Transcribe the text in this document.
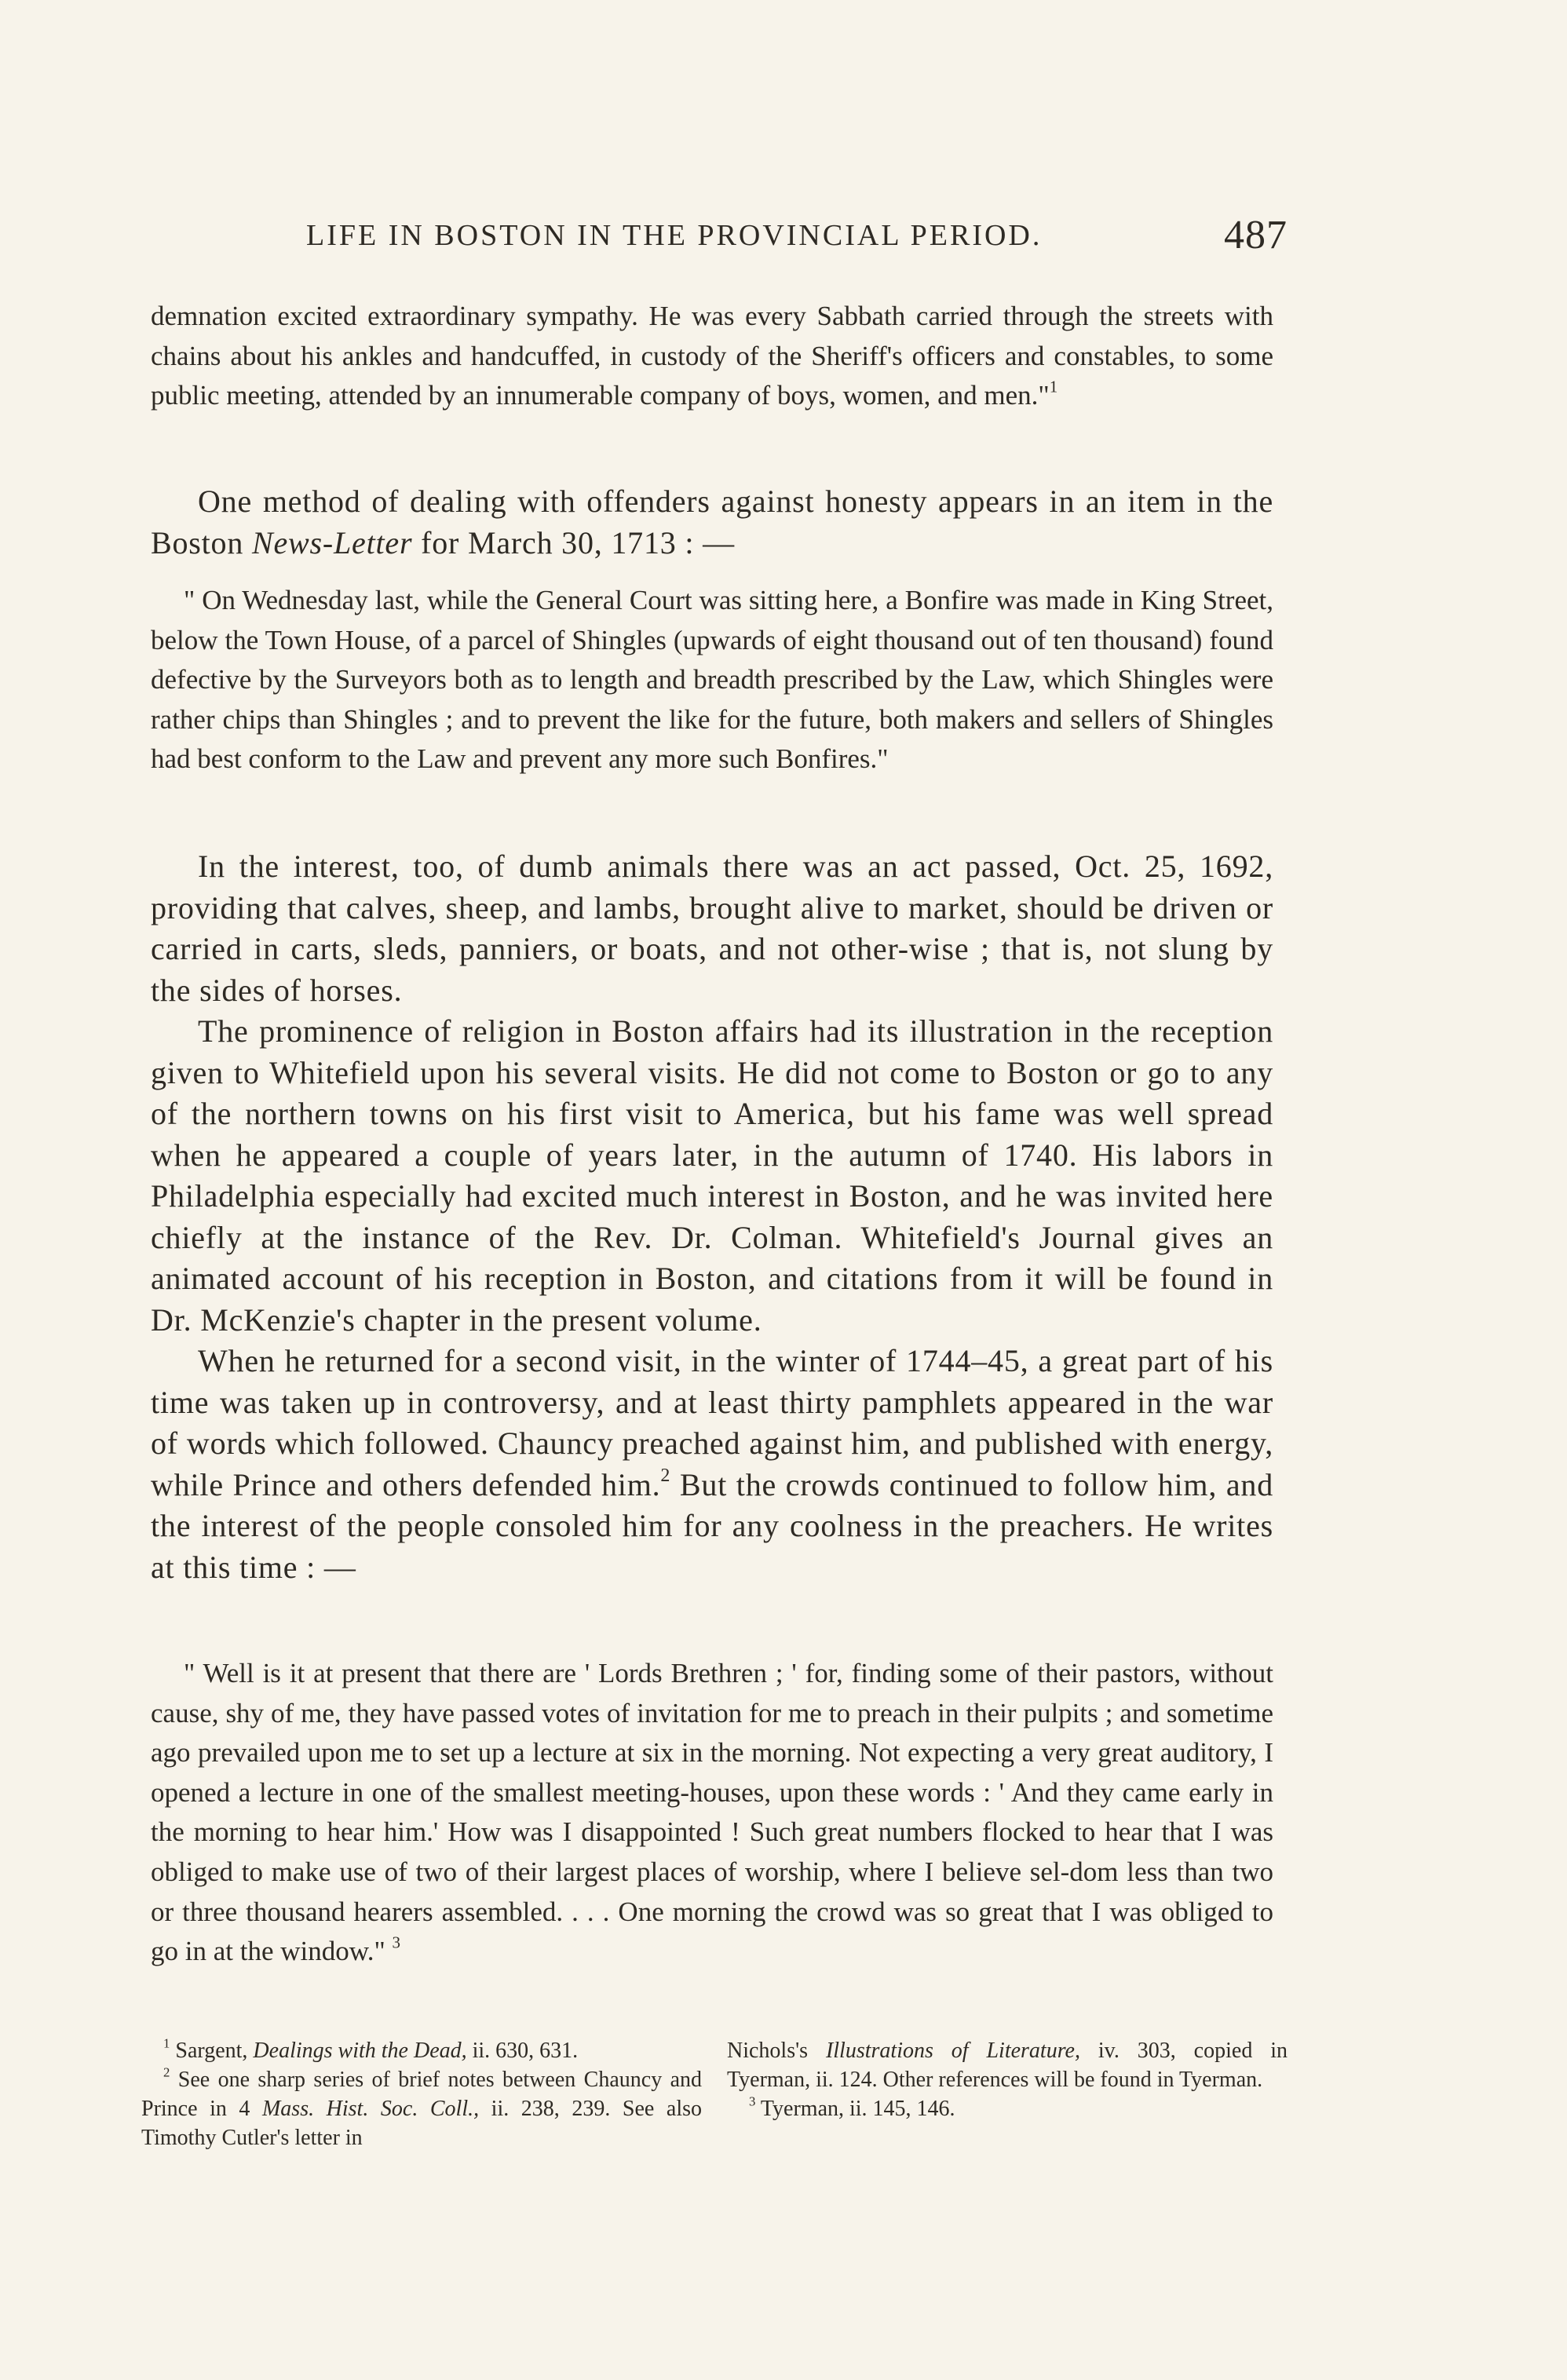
LIFE IN BOSTON IN THE PROVINCIAL PERIOD.	487

demnation excited extraordinary sympathy. He was every Sabbath carried through the streets with chains about his ankles and handcuffed, in custody of the Sheriff's officers and constables, to some public meeting, attended by an innumerable company of boys, women, and men."$^1$

One method of dealing with offenders against honesty appears in an item in the Boston News-Letter for March 30, 1713 : —

" On Wednesday last, while the General Court was sitting here, a Bonfire was made in King Street, below the Town House, of a parcel of Shingles (upwards of eight thousand out of ten thousand) found defective by the Surveyors both as to length and breadth prescribed by the Law, which Shingles were rather chips than Shingles ; and to prevent the like for the future, both makers and sellers of Shingles had best conform to the Law and prevent any more such Bonfires."

In the interest, too, of dumb animals there was an act passed, Oct. 25, 1692, providing that calves, sheep, and lambs, brought alive to market, should be driven or carried in carts, sleds, panniers, or boats, and not other-wise ; that is, not slung by the sides of horses.

The prominence of religion in Boston affairs had its illustration in the reception given to Whitefield upon his several visits. He did not come to Boston or go to any of the northern towns on his first visit to America, but his fame was well spread when he appeared a couple of years later, in the autumn of 1740. His labors in Philadelphia especially had excited much interest in Boston, and he was invited here chiefly at the instance of the Rev. Dr. Colman. Whitefield's Journal gives an animated account of his reception in Boston, and citations from it will be found in Dr. McKenzie's chapter in the present volume.

When he returned for a second visit, in the winter of 1744–45, a great part of his time was taken up in controversy, and at least thirty pamphlets appeared in the war of words which followed. Chauncy preached against him, and published with energy, while Prince and others defended him.$^2$ But the crowds continued to follow him, and the interest of the people consoled him for any coolness in the preachers. He writes at this time : —

" Well is it at present that there are ' Lords Brethren ; ' for, finding some of their pastors, without cause, shy of me, they have passed votes of invitation for me to preach in their pulpits ; and sometime ago prevailed upon me to set up a lecture at six in the morning. Not expecting a very great auditory, I opened a lecture in one of the smallest meeting-houses, upon these words : ' And they came early in the morning to hear him.' How was I disappointed ! Such great numbers flocked to hear that I was obliged to make use of two of their largest places of worship, where I believe sel-dom less than two or three thousand hearers assembled. . . . One morning the crowd was so great that I was obliged to go in at the window." $^3$

$^1$ Sargent, Dealings with the Dead, ii. 630, 631.

$^2$ See one sharp series of brief notes between Chauncy and Prince in 4 Mass. Hist. Soc. Coll., ii. 238, 239. See also Timothy Cutler's letter in

Nichols's Illustrations of Literature, iv. 303, copied in Tyerman, ii. 124. Other references will be found in Tyerman.

$^3$ Tyerman, ii. 145, 146.
